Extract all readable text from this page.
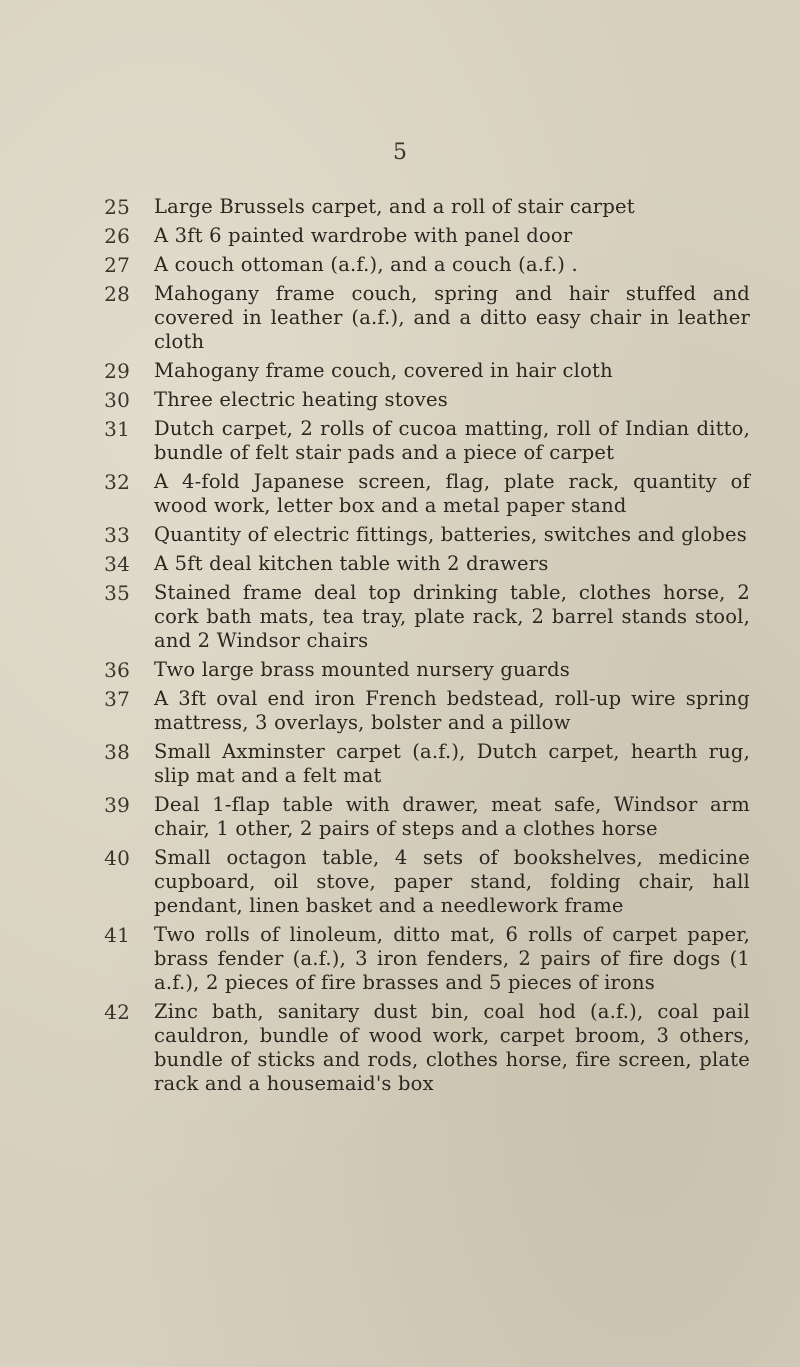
5
25	Large Brussels carpet, and a roll of stair carpet
26	A 3ft 6 painted wardrobe with panel door
27	A couch ottoman (a.f.), and a couch (a.f.) .
28	Mahogany frame couch, spring and hair stuffed and covered in leather (a.f.), and a ditto easy chair in leather cloth
29	Mahogany frame couch, covered in hair cloth
30	Three electric heating stoves
31	Dutch carpet, 2 rolls of cucoa matting, roll of Indian ditto, bundle of felt stair pads and a piece of carpet
32	A 4-fold Japanese screen, flag, plate rack, quantity of wood work, letter box and a metal paper stand
33	Quantity of electric fittings, batteries, switches and globes
34	A 5ft deal kitchen table with 2 drawers
35	Stained frame deal top drinking table, clothes horse, 2 cork bath mats, tea tray, plate rack, 2 barrel stands stool, and 2 Windsor chairs
36	Two large brass mounted nursery guards
37	A 3ft oval end iron French bedstead, roll-up wire spring mattress, 3 overlays, bolster and a pillow
38	Small Axminster carpet (a.f.), Dutch carpet, hearth rug, slip mat and a felt mat
39	Deal 1-flap table with drawer, meat safe, Windsor arm chair, 1 other, 2 pairs of steps and a clothes horse
40	Small octagon table, 4 sets of bookshelves, medicine cupboard, oil stove, paper stand, folding chair, hall pendant, linen basket and a needlework frame
41	Two rolls of linoleum, ditto mat, 6 rolls of carpet paper, brass fender (a.f.), 3 iron fenders, 2 pairs of fire dogs (1 a.f.), 2 pieces of fire brasses and 5 pieces of irons
42	Zinc bath, sanitary dust bin, coal hod (a.f.), coal pail cauldron, bundle of wood work, carpet broom, 3 others, bundle of sticks and rods, clothes horse, fire screen, plate rack and a housemaid's box
